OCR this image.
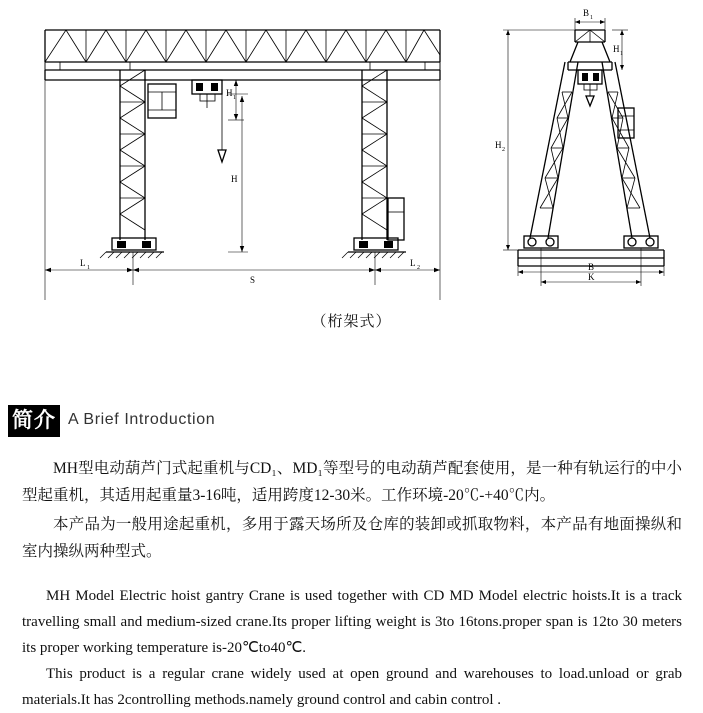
H 1
H
S
L 1	L 2
B 1
H 1
H 2
B
K
（桁架式）
简介 A Brief Introduction

MH型电动葫芦门式起重机与CD₁、MD₁等型号的电动葫芦配套使用，是一种有轨运行的中小型起重机，其适用起重量3-16吨，适用跨度12-30米。工作环境-20℃-+40℃内。

本产品为一般用途起重机，多用于露天场所及仓库的装卸或抓取物料，本产品有地面操纵和室内操纵两种型式。

MH Model Electric hoist gantry Crane is used together with CD MD Model electric hoists.It is a track travelling small and medium-sized crane.Its proper lifting weight is 3to 16tons.proper span is 12to 30 meters its proper working temperature is-20℃to40℃.

This product is a regular crane widely used at open ground and warehouses to load.unload or grab materials.It has 2controlling methods.namely ground control and cabin control .
